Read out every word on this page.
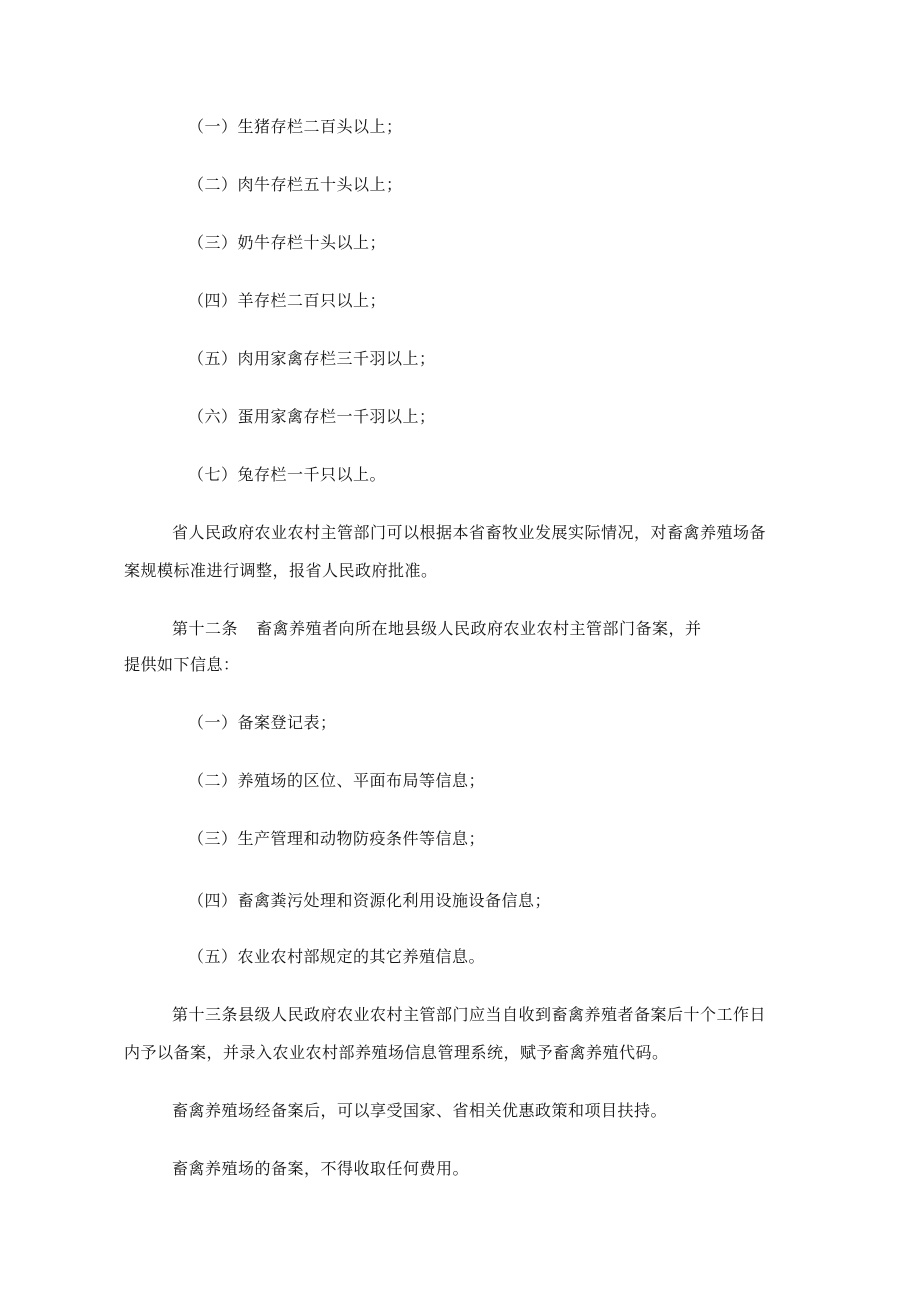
（一）生猪存栏二百头以上；
（二）肉牛存栏五十头以上；
（三）奶牛存栏十头以上；
（四）羊存栏二百只以上；
（五）肉用家禽存栏三千羽以上；
（六）蛋用家禽存栏一千羽以上；
（七）兔存栏一千只以上。
省人民政府农业农村主管部门可以根据本省畜牧业发展实际情况，对畜禽养殖场备
案规模标准进行调整，报省人民政府批准。
第十二条 畜禽养殖者向所在地县级人民政府农业农村主管部门备案，并
提供如下信息：
（一）备案登记表；
（二）养殖场的区位、平面布局等信息；
（三）生产管理和动物防疫条件等信息；
（四）畜禽粪污处理和资源化利用设施设备信息；
（五）农业农村部规定的其它养殖信息。
第十三条县级人民政府农业农村主管部门应当自收到畜禽养殖者备案后十个工作日
内予以备案，并录入农业农村部养殖场信息管理系统，赋予畜禽养殖代码。
畜禽养殖场经备案后，可以享受国家、省相关优惠政策和项目扶持。
畜禽养殖场的备案，不得收取任何费用。
